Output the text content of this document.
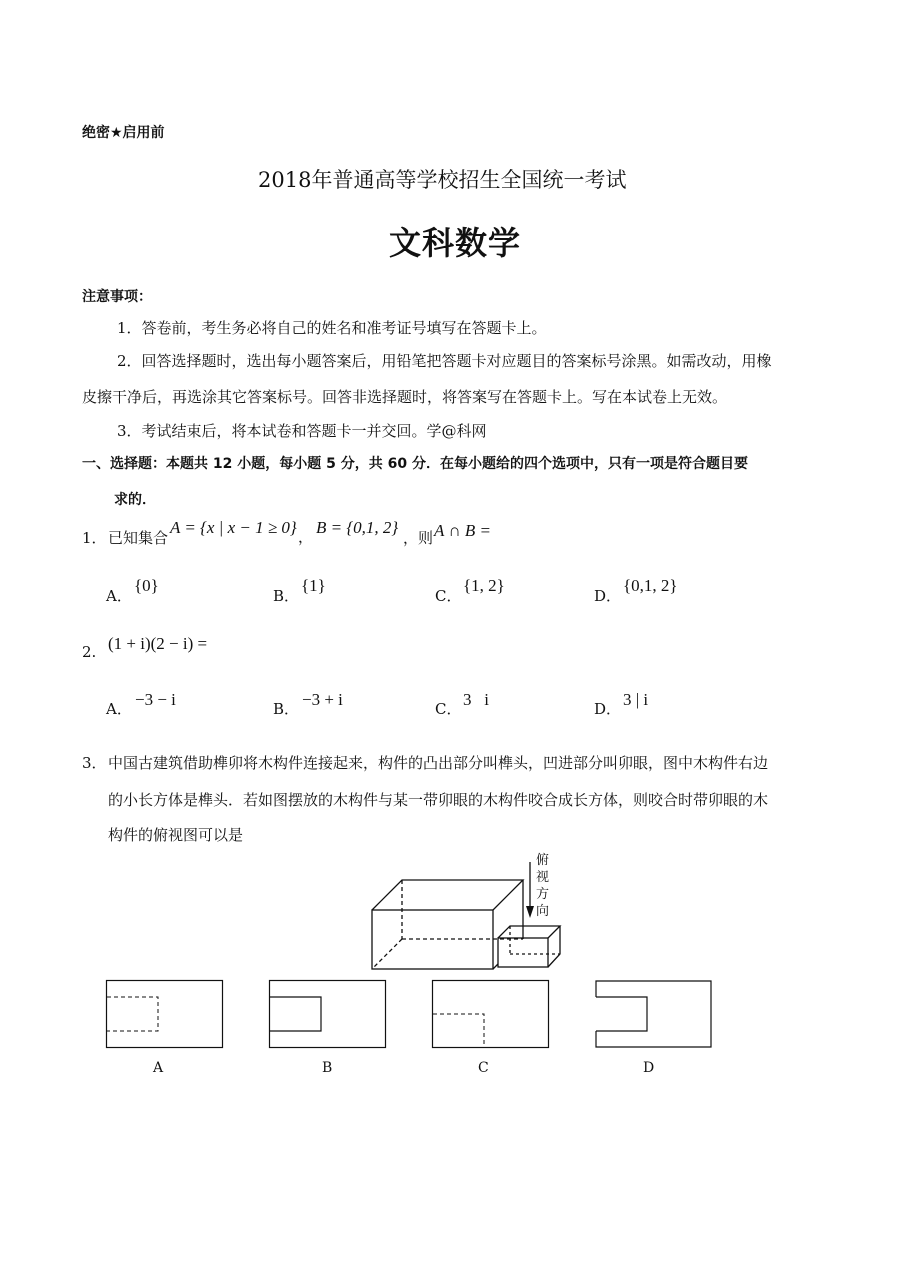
绝密★启用前
2018年普通高等学校招生全国统一考试
文科数学
注意事项：
1．答卷前，考生务必将自己的姓名和准考证号填写在答题卡上。
2．回答选择题时，选出每小题答案后，用铅笔把答题卡对应题目的答案标号涂黑。如需改动，用橡
皮擦干净后，再选涂其它答案标号。回答非选择题时，将答案写在答题卡上。写在本试卷上无效。
3．考试结束后，将本试卷和答题卡一并交回。学@科网
一、选择题：本题共 12 小题，每小题 5 分，共 60 分．在每小题给的四个选项中，只有一项是符合题目要
求的．
1． 已知集合
A = {x | x − 1 ≥ 0} ， B = {0,1, 2}
，则 A ∩ B =
A．
{0}
B．
{1}
C．
{1, 2}
D．
{0,1, 2}
2. (1 + i)(2 − i) =
A． −3 − i	B． −3 + i	C． 3   i	D． 3 | i
3． 中国古建筑借助榫卯将木构件连接起来，构件的凸出部分叫榫头，凹进部分叫卯眼，图中木构件右边
的小长方体是榫头．若如图摆放的木构件与某一带卯眼的木构件咬合成长方体，则咬合时带卯眼的木
构件的俯视图可以是
俯
视
方
向
A	B	C	D
